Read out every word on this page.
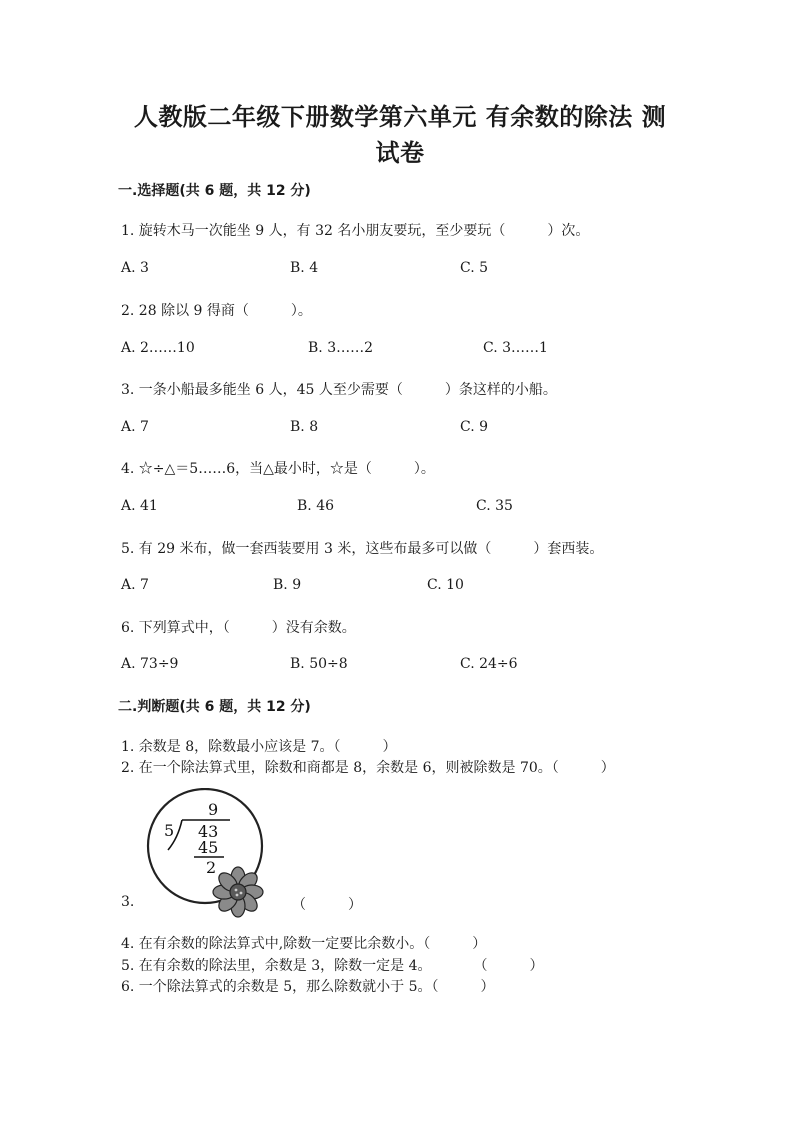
人教版二年级下册数学第六单元 有余数的除法 测
试卷
一.选择题(共 6 题，共 12 分)
1. 旋转木马一次能坐 9 人，有 32 名小朋友要玩，至少要玩（　　　）次。
A. 3	B. 4	C. 5
2. 28 除以 9 得商（　　　）。
A. 2……10	B. 3……2	C. 3……1
3. 一条小船最多能坐 6 人，45 人至少需要（　　　）条这样的小船。
A. 7	B. 8	C. 9
4. ☆÷△＝5……6，当△最小时，☆是（　　　）。
A. 41	B. 46	C. 35
5. 有 29 米布，做一套西装要用 3 米，这些布最多可以做（　　　）套西装。
A. 7	B. 9	C. 10
6. 下列算式中，（　　　）没有余数。
A. 73÷9	B. 50÷8	C. 24÷6
二.判断题(共 6 题，共 12 分)
1. 余数是 8，除数最小应该是 7。（　　　）
2. 在一个除法算式里，除数和商都是 8，余数是 6，则被除数是 70。（　　　）
9
5 43
45
2
3.	（　　　）
4. 在有余数的除法算式中,除数一定要比余数小。（　　　）
5. 在有余数的除法里，余数是 3，除数一定是 4。　　　　（　　　）
6. 一个除法算式的余数是 5，那么除数就小于 5。（　　　）
